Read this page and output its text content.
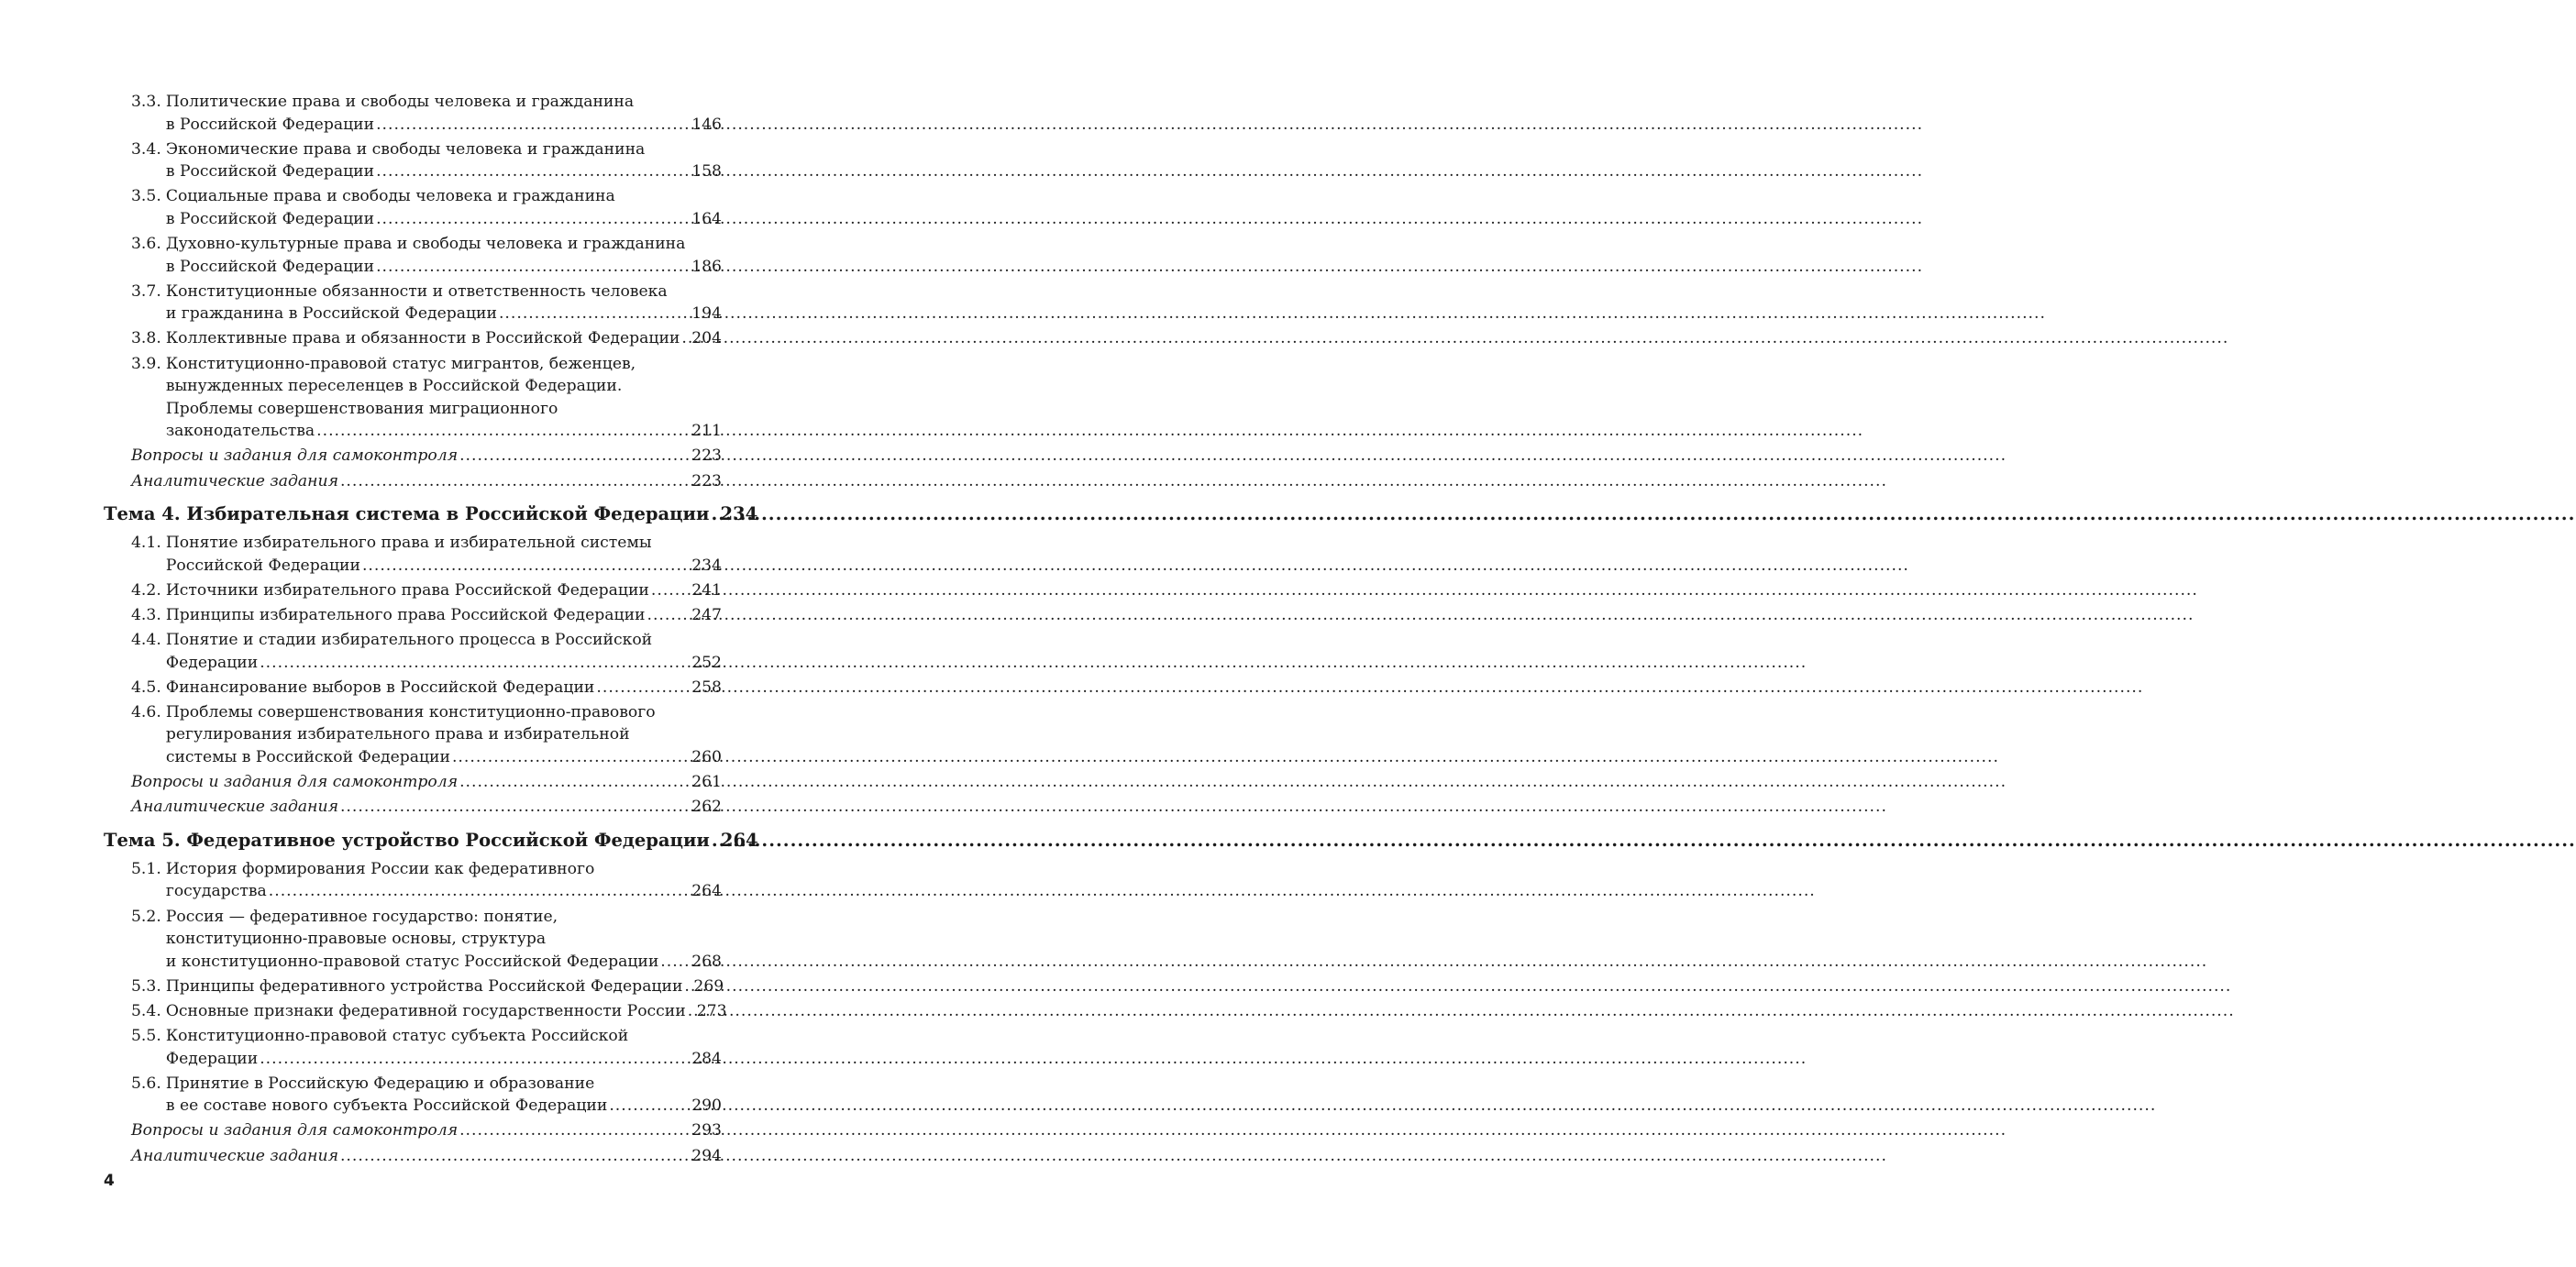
3.3. Политические права и свободы человека и гражданина
в Российской Федерации .....	146
3.4. Экономические права и свободы человека и гражданина
в Российской Федерации .....	158
3.5. Социальные права и свободы человека и гражданина
в Российской Федерации .....	164
3.6. Духовно-культурные права и свободы человека и гражданина
в Российской Федерации .....	186
3.7. Конституционные обязанности и ответственность человека
и гражданина в Российской Федерации .....	194
3.8. Коллективные права и обязанности в Российской Федерации ..... 204
3.9. Конституционно-правовой статус мигрантов, беженцев,
вынужденных переселенцев в Российской Федерации.
Проблемы совершенствования миграционного
законодательства .....	211
Вопросы и задания для самоконтроля .....	223
Аналитические задания .....	223
Тема 4. Избирательная система в Российской Федерации ..... 234
4.1. Понятие избирательного права и избирательной системы
Российской Федерации .....	234
4.2. Источники избирательного права Российской Федерации .....	241
4.3. Принципы избирательного права Российской Федерации .....	247
4.4. Понятие и стадии избирательного процесса в Российской
Федерации .....	252
4.5. Финансирование выборов в Российской Федерации .....	258
4.6. Проблемы совершенствования конституционно-правового
регулирования избирательного права и избирательной
системы в Российской Федерации .....	260
Вопросы и задания для самоконтроля .....	261
Аналитические задания .....	262
Тема 5. Федеративное устройство Российской Федерации ..... 264
5.1. История формирования России как федеративного
государства .....	264
5.2. Россия — федеративное государство: понятие,
конституционно-правовые основы, структура
и конституционно-правовой статус Российской Федерации ..... 268
5.3. Принципы федеративного устройства Российской Федерации ..... 269
5.4. Основные признаки федеративной государственности России ..... 273
5.5. Конституционно-правовой статус субъекта Российской
Федерации .....	284
5.6. Принятие в Российскую Федерацию и образование
в ее составе нового субъекта Российской Федерации .....	290
Вопросы и задания для самоконтроля .....	293
Аналитические задания .....	294
4
